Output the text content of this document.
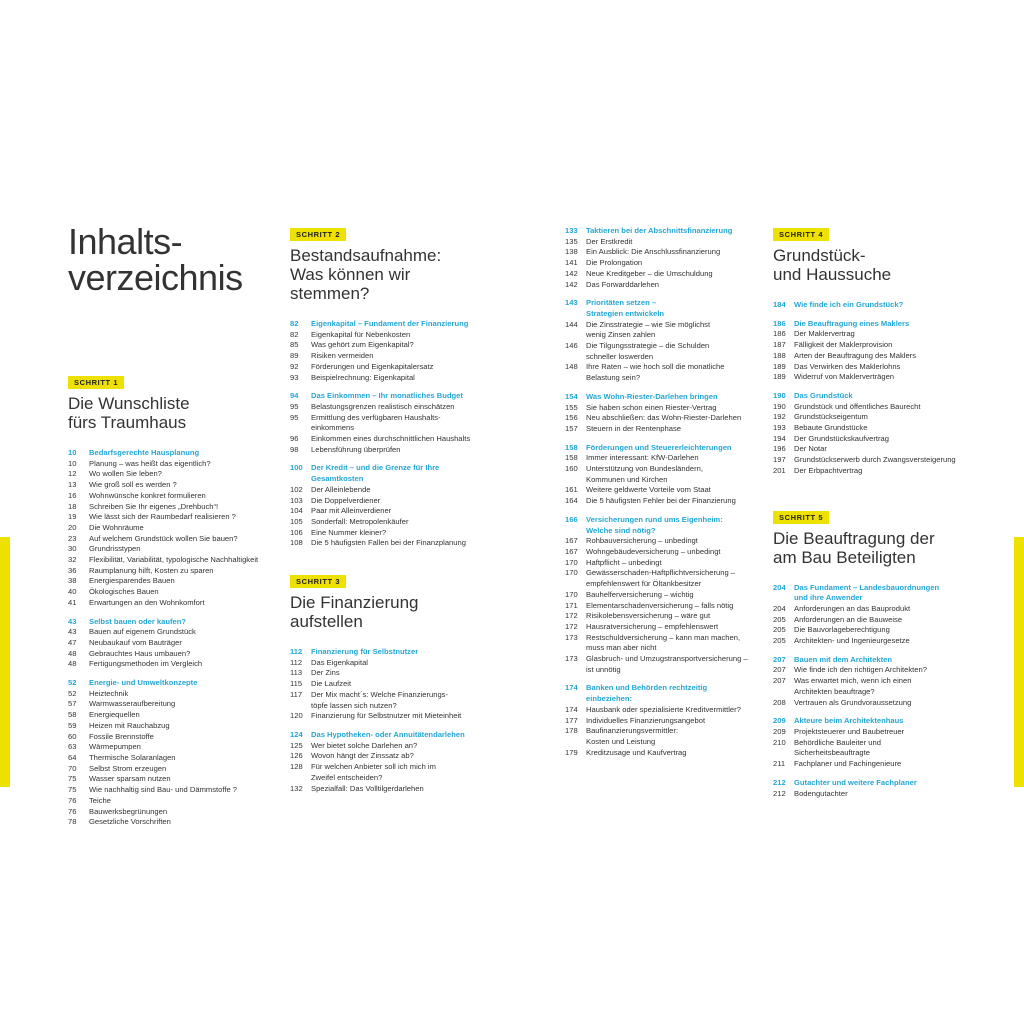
Inhalts-
verzeichnis
SCHRITT 1
Die Wunschliste
fürs Traumhaus
10	Bedarfsgerechte Hausplanung
10	Planung – was heißt das eigentlich?
12	Wo wollen Sie leben?
13	Wie groß soll es werden ?
16	Wohnwünsche konkret formulieren
18	Schreiben Sie Ihr eigenes „Drehbuch“!
19	Wie lässt sich der Raumbedarf realisieren ?
20	Die Wohnräume
23	Auf welchem Grundstück wollen Sie bauen?
30	Grundrisstypen
32	Flexibilität, Variabilität, typologische Nachhaltigkeit
36	Raumplanung hilft, Kosten zu sparen
38	Energiesparendes Bauen
40	Ökologisches Bauen
41	Erwartungen an den Wohnkomfort
43	Selbst bauen oder kaufen?
43	Bauen auf eigenem Grundstück
47	Neubaukauf vom Bauträger
48	Gebrauchtes Haus umbauen?
48	Fertigungsmethoden im Vergleich
52	Energie- und Umweltkonzepte
52	Heiztechnik
57	Warmwasseraufbereitung
58	Energiequellen
59	Heizen mit Rauchabzug
60	Fossile Brennstoffe
63	Wärmepumpen
64	Thermische Solaranlagen
70	Selbst Strom erzeugen
75	Wasser sparsam nutzen
75	Wie nachhaltig sind Bau- und Dämmstoffe ?
76	Teiche
76	Bauwerksbegrünungen
78	Gesetzliche Vorschriften
SCHRITT 2
Bestandsaufnahme:
Was können wir
stemmen?
82	Eigenkapital – Fundament der Finanzierung
82	Eigenkapital für Nebenkosten
85	Was gehört zum Eigenkapital?
89	Risiken vermeiden
92	Förderungen und Eigenkapitalersatz
93	Beispielrechnung: Eigenkapital
94	Das Einkommen – Ihr monatliches Budget
95	Belastungsgrenzen realistisch einschätzen
95	Ermittlung des verfügbaren Haushalts-
einkommens
96	Einkommen eines durchschnittlichen Haushalts
98	Lebensführung überprüfen
100	Der Kredit – und die Grenze für Ihre
Gesamtkosten
102	Der Alleinlebende
103	Die Doppelverdiener
104	Paar mit Alleinverdiener
105	Sonderfall: Metropolenkäufer
106	Eine Nummer kleiner?
108	Die 5 häufigsten Fallen bei der Finanzplanung
SCHRITT 3
Die Finanzierung
aufstellen
112	Finanzierung für Selbstnutzer
112	Das Eigenkapital
113	Der Zins
115	Die Laufzeit
117	Der Mix macht´s: Welche Finanzierungs-
töpfe lassen sich nutzen?
120	Finanzierung für Selbstnutzer mit Mieteinheit
124	Das Hypotheken- oder Annuitätendarlehen
125	Wer bietet solche Darlehen an?
126	Wovon hängt der Zinssatz ab?
128	Für welchen Anbieter soll ich mich im
Zweifel entscheiden?
132	Spezialfall: Das Volltilgerdarlehen
133	Taktieren bei der Abschnittsfinanzierung
135	Der Erstkredit
138	Ein Ausblick: Die Anschlussfinanzierung
141	Die Prolongation
142	Neue Kreditgeber – die Umschuldung
142	Das Forwarddarlehen
143	Prioritäten setzen –
Strategien entwickeln
144	Die Zinsstrategie – wie Sie möglichst
wenig Zinsen zahlen
146	Die Tilgungsstrategie – die Schulden
schneller loswerden
148	Ihre Raten – wie hoch soll die monatliche
Belastung sein?
154	Was Wohn-Riester-Darlehen bringen
155	Sie haben schon einen Riester-Vertrag
156	Neu abschließen: das Wohn-Riester-Darlehen
157	Steuern in der Rentenphase
158	Förderungen und Steuererleichterungen
158	Immer interessant: KfW-Darlehen
160	Unterstützung von Bundesländern,
Kommunen und Kirchen
161	Weitere geldwerte Vorteile vom Staat
164	Die 5 häufigsten Fehler bei der Finanzierung
166	Versicherungen rund ums Eigenheim:
Welche sind nötig?
167	Rohbauversicherung – unbedingt
167	Wohngebäudeversicherung – unbedingt
170	Haftpflicht – unbedingt
170	Gewässerschaden-Haftpflichtversicherung –
empfehlenswert für Öltankbesitzer
170	Bauhelferversicherung – wichtig
171	Elementarschadenversicherung – falls nötig
172	Risikolebensversicherung – wäre gut
172	Hausratversicherung – empfehlenswert
173	Restschuldversicherung – kann man machen,
muss man aber nicht
173	Glasbruch- und Umzugstransportversicherung –
ist unnötig
174	Banken und Behörden rechtzeitig
einbeziehen:
174	Hausbank oder spezialisierte Kreditvermittler?
177	Individuelles Finanzierungsangebot
178	Baufinanzierungsvermittler:
Kosten und Leistung
179	Kreditzusage und Kaufvertrag
SCHRITT 4
Grundstück-
und Haussuche
184	Wie finde ich ein Grundstück?
186	Die Beauftragung eines Maklers
186	Der Maklervertrag
187	Fälligkeit der Maklerprovision
188	Arten der Beauftragung des Maklers
189	Das Verwirken des Maklerlohns
189	Widerruf von Maklerverträgen
190	Das Grundstück
190	Grundstück und öffentliches Baurecht
192	Grundstückseigentum
193	Bebaute Grundstücke
194	Der Grundstückskaufvertrag
196	Der Notar
197	Grundstückserwerb durch Zwangsversteigerung
201	Der Erbpachtvertrag
SCHRITT 5
Die Beauftragung der
am Bau Beteiligten
204	Das Fundament – Landesbauordnungen
und ihre Anwender
204	Anforderungen an das Bauprodukt
205	Anforderungen an die Bauweise
205	Die Bauvorlageberechtigung
205	Architekten- und Ingenieurgesetze
207	Bauen mit dem Architekten
207	Wie finde ich den richtigen Architekten?
207	Was erwartet mich, wenn ich einen
Architekten beauftrage?
208	Vertrauen als Grundvoraussetzung
209	Akteure beim Architektenhaus
209	Projektsteuerer und Baubetreuer
210	Behördliche Bauleiter und
Sicherheitsbeauftragte
211	Fachplaner und Fachingenieure
212	Gutachter und weitere Fachplaner
212	Bodengutachter
